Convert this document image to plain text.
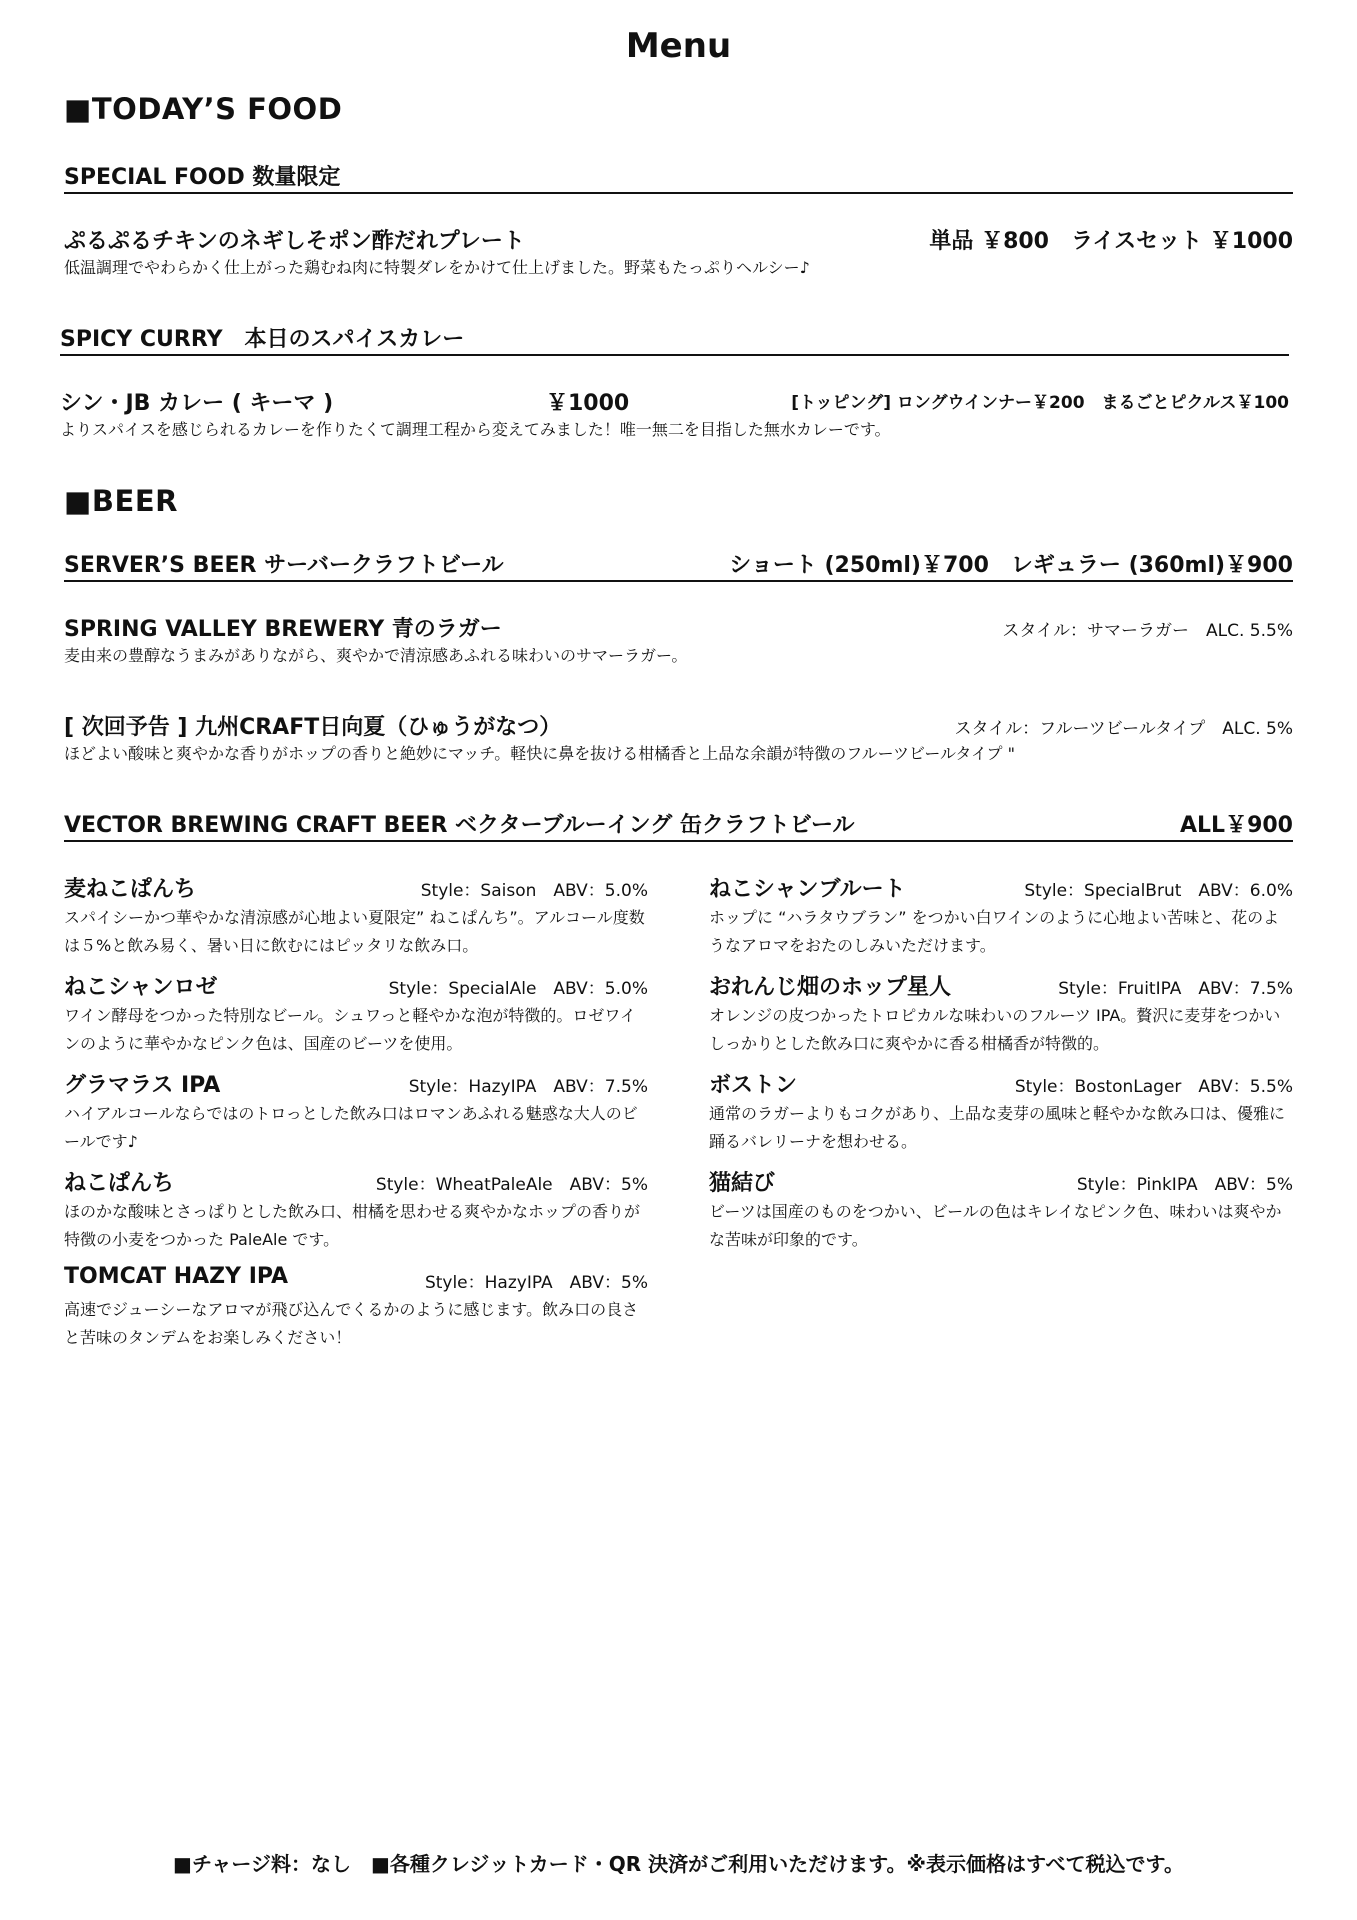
Menu
■TODAY’S FOOD
SPECIAL FOOD 数量限定
ぷるぷるチキンのネギしそポン酢だれプレート	単品 ￥800　ライスセット ￥1000
低温調理でやわらかく仕上がった鶏むね肉に特製ダレをかけて仕上げました。野菜もたっぷりヘルシー♪
SPICY CURRY　本日のスパイスカレー
シン・JB カレー ( キーマ )	￥1000	[トッピング] ロングウインナー￥200　まるごとピクルス￥100
よりスパイスを感じられるカレーを作りたくて調理工程から変えてみました！唯一無二を目指した無水カレーです。
■BEER
SERVER’S BEER サーバークラフトビール	ショート (250ml)￥700　レギュラー (360ml)￥900
SPRING VALLEY BREWERY 青のラガー	スタイル：サマーラガー　ALC. 5.5%
麦由来の豊醇なうまみがありながら、爽やかで清涼感あふれる味わいのサマーラガー。
[ 次回予告 ] 九州CRAFT日向夏（ひゅうがなつ）	スタイル：フルーツビールタイプ　ALC. 5%
ほどよい酸味と爽やかな香りがホップの香りと絶妙にマッチ。軽快に鼻を抜ける柑橘香と上品な余韻が特徴のフルーツビールタイプ "
VECTOR BREWING CRAFT BEER ベクターブルーイング 缶クラフトビール	ALL￥900
麦ねこぱんち	Style：Saison　ABV：5.0%
スパイシーかつ華やかな清涼感が心地よい夏限定” ねこぱんち”。アルコール度数は５%と飲み易く、暑い日に飲むにはピッタリな飲み口。
ねこシャンロゼ	Style：SpecialAle　ABV：5.0%
ワイン酵母をつかった特別なビール。シュワっと軽やかな泡が特徴的。ロゼワインのように華やかなピンク色は、国産のビーツを使用。
グラマラス IPA	Style：HazyIPA　ABV：7.5%
ハイアルコールならではのトロっとした飲み口はロマンあふれる魅惑な大人のビールです♪
ねこぱんち	Style：WheatPaleAle　ABV：5%
ほのかな酸味とさっぱりとした飲み口、柑橘を思わせる爽やかなホップの香りが特徴の小麦をつかった PaleAle です。
TOMCAT HAZY IPA	Style：HazyIPA　ABV：5%
高速でジューシーなアロマが飛び込んでくるかのように感じます。飲み口の良さと苦味のタンデムをお楽しみください！
ねこシャンブルート	Style：SpecialBrut　ABV：6.0%
ホップに “ハラタウブラン” をつかい白ワインのように心地よい苦味と、花のようなアロマをおたのしみいただけます。
おれんじ畑のホップ星人	Style：FruitIPA　ABV：7.5%
オレンジの皮つかったトロピカルな味わいのフルーツ IPA。贅沢に麦芽をつかいしっかりとした飲み口に爽やかに香る柑橘香が特徴的。
ボストン	Style：BostonLager　ABV：5.5%
通常のラガーよりもコクがあり、上品な麦芽の風味と軽やかな飲み口は、優雅に踊るバレリーナを想わせる。
猫結び	Style：PinkIPA　ABV：5%
ビーツは国産のものをつかい、ビールの色はキレイなピンク色、味わいは爽やかな苦味が印象的です。
■チャージ料：なし　■各種クレジットカード・QR 決済がご利用いただけます。※表示価格はすべて税込です。
